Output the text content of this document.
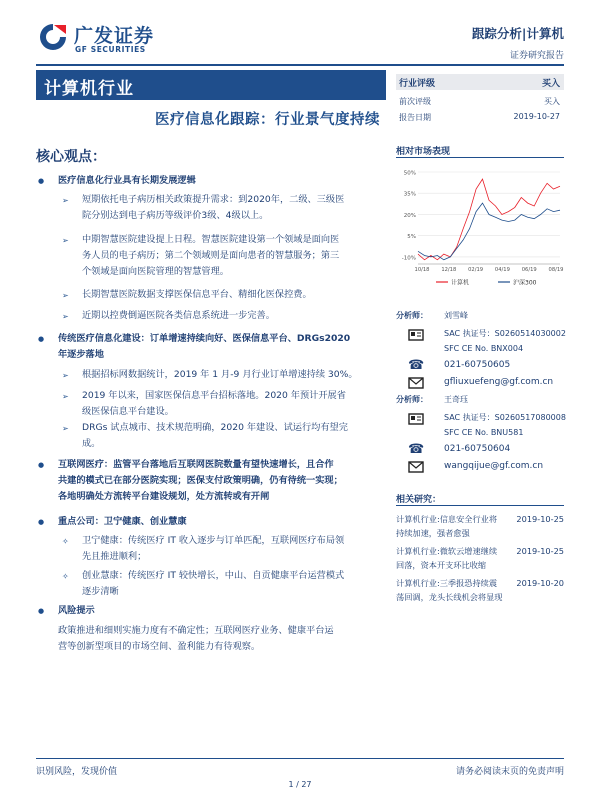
广发证券
GF SECURITIES
跟踪分析|计算机
证券研究报告
计算机行业
医疗信息化跟踪：行业景气度持续
核心观点：
● 医疗信息化行业具有长期发展逻辑
➢ 短期依托电子病历相关政策提升需求：到2020年，二级、三级医
院分别达到电子病历等级评价3级、4级以上。
➢ 中期智慧医院建设提上日程。智慧医院建设第一个领域是面向医
务人员的电子病历；第二个领域则是面向患者的智慧服务；第三
个领域是面向医院管理的智慧管理。
➢ 长期智慧医院数据支撑医保信息平台、精细化医保控费。
➢ 近期以控费倒逼医院各类信息系统进一步完善。
● 传统医疗信息化建设：订单增速持续向好、医保信息平台、DRGs2020
年逐步落地
➢ 根据招标网数据统计，2019 年 1 月-9 月行业订单增速持续 30%。
➢ 2019 年以来，国家医保信息平台招标落地。2020 年预计开展省
级医保信息平台建设。
➢ DRGs 试点城市、技术规范明确，2020 年建设、试运行均有望完
成。
● 互联网医疗：监管平台落地后互联网医院数量有望快速增长，且合作
共建的模式已在部分医院实现；医保支付政策明确，仍有待统一实现；
各地明确处方流转平台建设规划，处方流转或有开闸
● 重点公司：卫宁健康、创业慧康
✧ 卫宁健康：传统医疗 IT 收入逐步与订单匹配，互联网医疗布局领
先且推进顺利；
✧ 创业慧康：传统医疗 IT 较快增长，中山、自贡健康平台运营模式
逐步清晰
● 风险提示
政策推进和细则实施力度有不确定性；互联网医疗业务、健康平台运
营等创新型项目的市场空间、盈利能力有待观察。
行业评级	买入
前次评级	买入
报告日期	2019-10-27
相对市场表现
50%
35%
20%
5%
-10%
10/18 12/18 02/19 04/19 06/19 08/19
计算机	沪深300
分析师： 刘雪峰
SAC 执证号：S0260514030002
SFC CE No. BNX004
☎ 021-60750605
gfliuxuefeng@gf.com.cn
分析师： 王奇珏
SAC 执证号：S0260517080008
SFC CE No. BNU581
☎ 021-60750604
wangqijue@gf.com.cn
相关研究：
计算机行业:信息安全行业将
持续加速，强者愈强
2019-10-25
计算机行业:微软云增速继续
回落，资本开支环比收缩
2019-10-25
计算机行业:三季报恐持续震
荡回调，龙头长线机会将显现
2019-10-20
识别风险，发现价值	请务必阅读末页的免责声明
1 / 27
